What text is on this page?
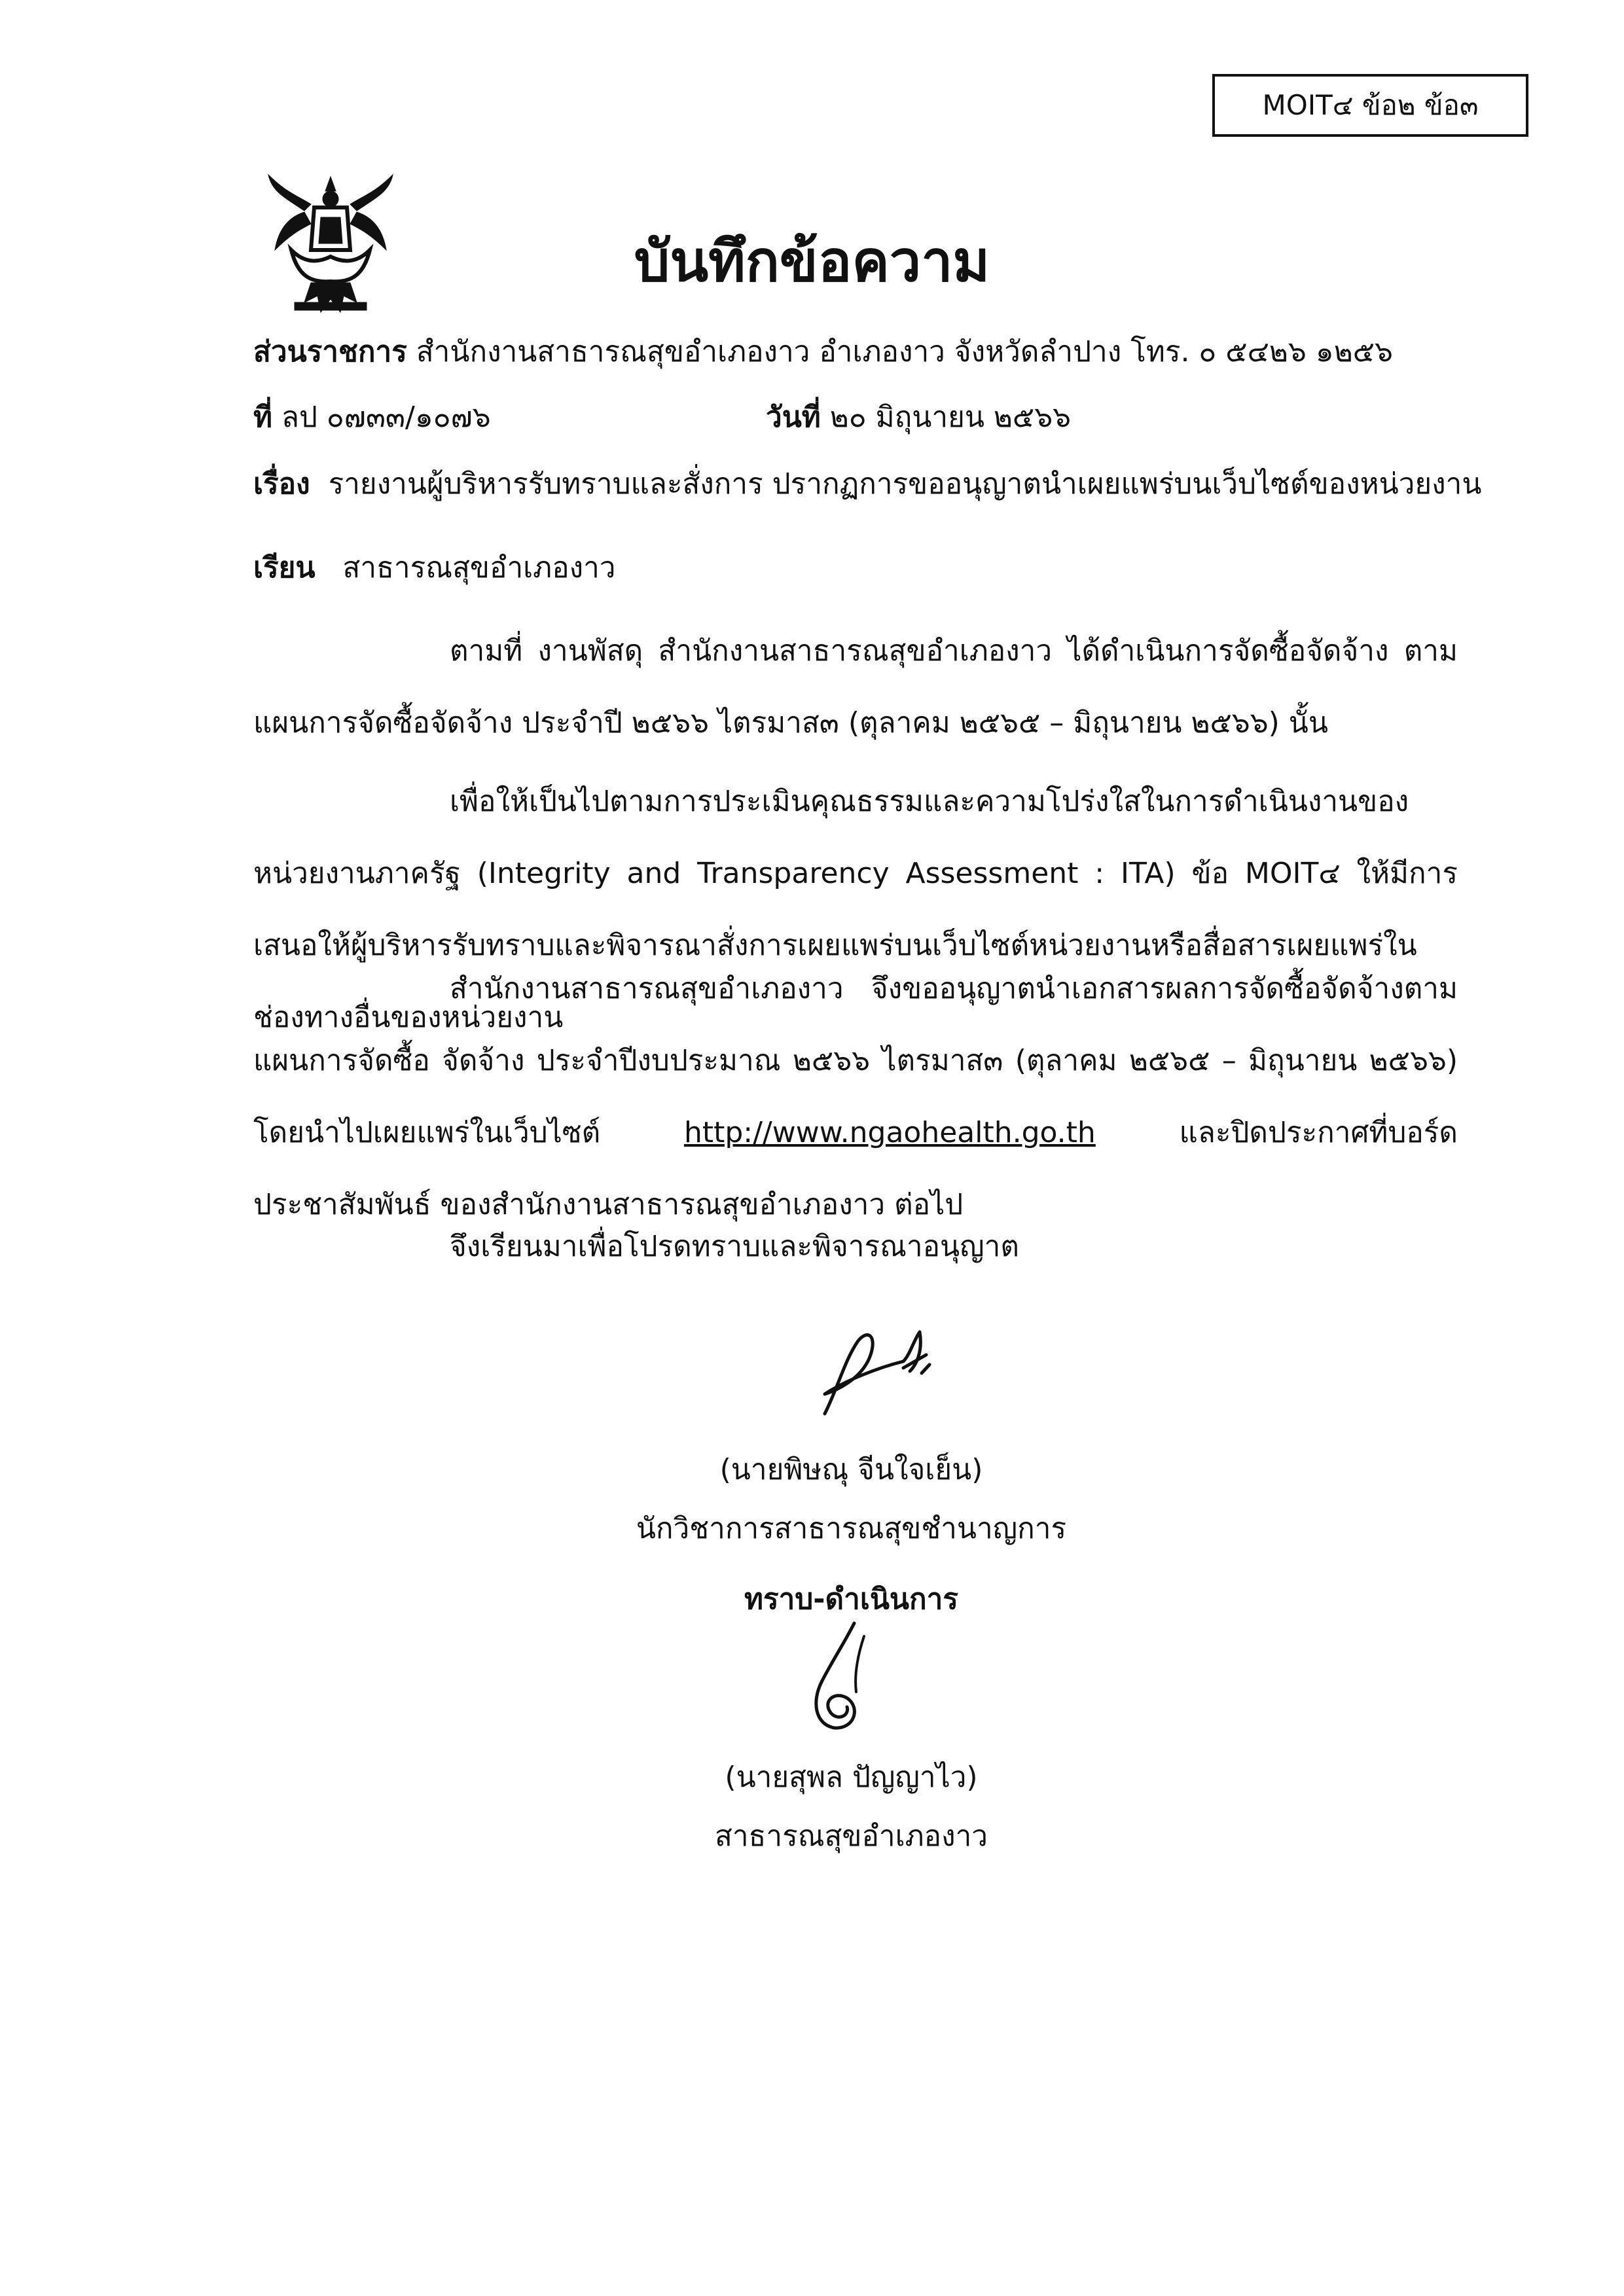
MOIT๔ ข้อ๒ ข้อ๓
บันทึกข้อความ
ส่วนราชการ สำนักงานสาธารณสุขอำเภองาว อำเภองาว จังหวัดลำปาง โทร. ๐ ๕๔๒๖ ๑๒๕๖
ที่ ลป ๐๗๓๓/๑๐๗๖	วันที่ ๒๐ มิถุนายน ๒๕๖๖
เรื่อง รายงานผู้บริหารรับทราบและสั่งการ ปรากฏการขออนุญาตนำเผยแพร่บนเว็บไซต์ของหน่วยงาน
เรียน สาธารณสุขอำเภองาว
ตามที่ งานพัสดุ สำนักงานสาธารณสุขอำเภองาว ได้ดำเนินการจัดซื้อจัดจ้าง ตามแผนการจัดซื้อจัดจ้าง ประจำปี ๒๕๖๖ ไตรมาส๓ (ตุลาคม ๒๕๖๕ – มิถุนายน ๒๕๖๖) นั้น
เพื่อให้เป็นไปตามการประเมินคุณธรรมและความโปร่งใสในการดำเนินงานของหน่วยงานภาครัฐ (Integrity and Transparency Assessment : ITA) ข้อ MOIT๔ ให้มีการเสนอให้ผู้บริหารรับทราบและพิจารณาสั่งการเผยแพร่บนเว็บไซต์หน่วยงานหรือสื่อสารเผยแพร่ในช่องทางอื่นของหน่วยงาน
สำนักงานสาธารณสุขอำเภองาว จึงขออนุญาตนำเอกสารผลการจัดซื้อจัดจ้างตามแผนการจัดซื้อ จัดจ้าง ประจำปีงบประมาณ ๒๕๖๖ ไตรมาส๓ (ตุลาคม ๒๕๖๕ – มิถุนายน ๒๕๖๖) โดยนำไปเผยแพร่ในเว็บไซต์ http://www.ngaohealth.go.th และปิดประกาศที่บอร์ดประชาสัมพันธ์ ของสำนักงานสาธารณสุขอำเภองาว ต่อไป
จึงเรียนมาเพื่อโปรดทราบและพิจารณาอนุญาต
(นายพิษณุ จีนใจเย็น)
นักวิชาการสาธารณสุขชำนาญการ
ทราบ-ดำเนินการ
(นายสุพล ปัญญาไว)
สาธารณสุขอำเภองาว
